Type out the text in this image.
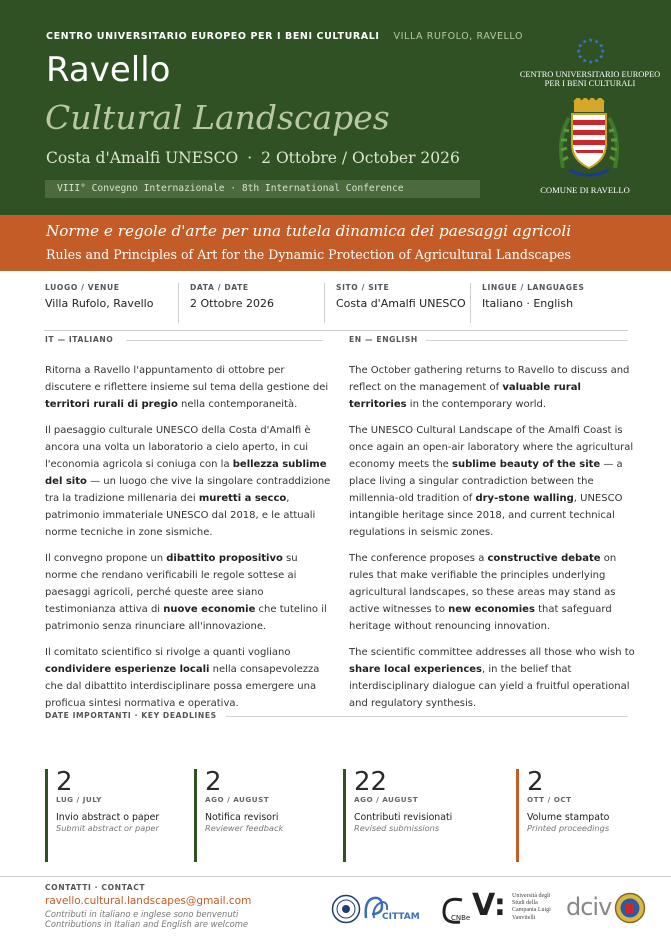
CENTRO UNIVERSITARIO EUROPEO PER I BENI CULTURALI VILLA RUFOLO, RAVELLO
Ravello
Cultural Landscapes
Costa d'Amalfi UNESCO · 2 Ottobre / October 2026
VIII° Convegno Internazionale · 8th International Conference
★ ★
★
★
★
★
★
★
★
★
★
★
CENTRO UNIVERSITARIO EUROPEO
PER I BENI CULTURALI
COMUNE DI RAVELLO
Norme e regole d'arte per una tutela dinamica dei paesaggi agricoli
Rules and Principles of Art for the Dynamic Protection of Agricultural Landscapes
LUOGO / VENUE
Villa Rufolo, Ravello
DATA / DATE
2 Ottobre 2026
SITO / SITE
Costa d'Amalfi UNESCO
LINGUE / LANGUAGES
Italiano · English
IT — ITALIANO	EN — ENGLISH

Ritorna a Ravello l'appuntamento di ottobre per discutere e riflettere insieme sul tema della gestione dei territori rurali di pregio nella contemporaneità.

Il paesaggio culturale UNESCO della Costa d'Amalfi è ancora una volta un laboratorio a cielo aperto, in cui l'economia agricola si coniuga con la bellezza sublime del sito — un luogo che vive la singolare contraddizione tra la tradizione millenaria dei muretti a secco, patrimonio immateriale UNESCO dal 2018, e le attuali norme tecniche in zone sismiche.

Il convegno propone un dibattito propositivo su norme che rendano verificabili le regole sottese ai paesaggi agricoli, perché queste aree siano testimonianza attiva di nuove economie che tutelino il patrimonio senza rinunciare all'innovazione.

Il comitato scientifico si rivolge a quanti vogliano condividere esperienze locali nella consapevolezza che dal dibattito interdisciplinare possa emergere una proficua sintesi normativa e operativa.

The October gathering returns to Ravello to discuss and reflect on the management of valuable rural territories in the contemporary world.

The UNESCO Cultural Landscape of the Amalfi Coast is once again an open-air laboratory where the agricultural economy meets the sublime beauty of the site — a place living a singular contradiction between the millennia-old tradition of dry-stone walling, UNESCO intangible heritage since 2018, and current technical regulations in seismic zones.

The conference proposes a constructive debate on rules that make verifiable the principles underlying agricultural landscapes, so these areas may stand as active witnesses to new economies that safeguard heritage without renouncing innovation.

The scientific committee addresses all those who wish to share local experiences, in the belief that interdisciplinary dialogue can yield a fruitful operational and regulatory synthesis.

DATE IMPORTANTI · KEY DEADLINES
2
LUG / JULY
Invio abstract o paper
Submit abstract or paper
2
AGO / AUGUST
Notifica revisori
Reviewer feedback
22
AGO / AUGUST
Contributi revisionati
Revised submissions
2
OTT / OCT
Volume stampato
Printed proceedings
CONTATTI · CONTACT
ravello.cultural.landscapes@gmail.com
Contributi in italiano e inglese sono benvenuti
Contributions in Italian and English are welcome
CITTAM	CNBe V: Università degli Studi della Campania Luigi Vanvitelli	dciv
